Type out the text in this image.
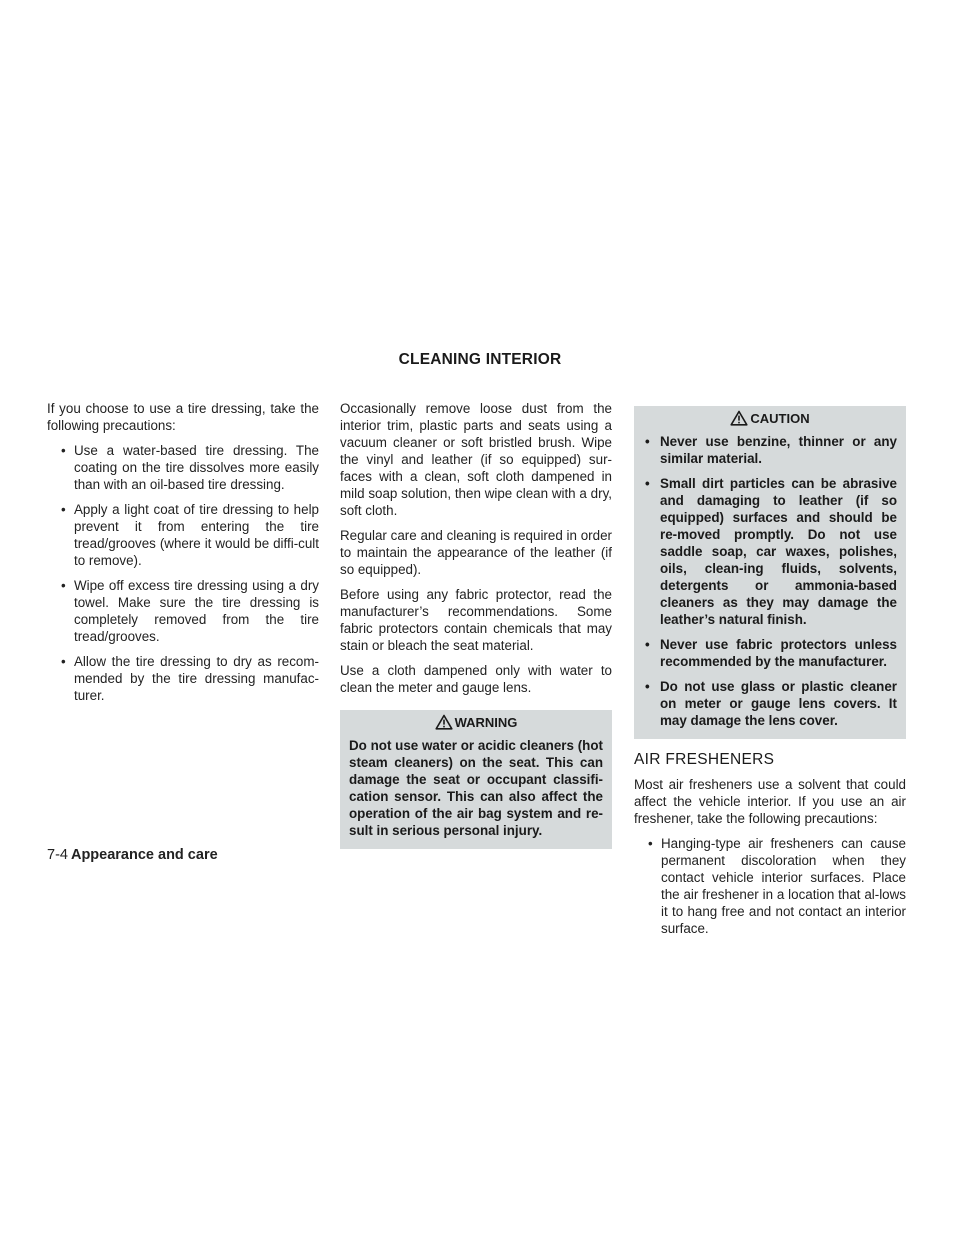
CLEANING INTERIOR

If you choose to use a tire dressing, take the following precautions:

• Use a water-based tire dressing. The coating on the tire dissolves more easily than with an oil-based tire dressing.
• Apply a light coat of tire dressing to help prevent it from entering the tire tread/grooves (where it would be diffi-cult to remove).
• Wipe off excess tire dressing using a dry towel. Make sure the tire dressing is completely removed from the tire tread/grooves.
• Allow the tire dressing to dry as recom-mended by the tire dressing manufac-turer.

Occasionally remove loose dust from the interior trim, plastic parts and seats using a vacuum cleaner or soft bristled brush. Wipe the vinyl and leather (if so equipped) sur-faces with a clean, soft cloth dampened in mild soap solution, then wipe clean with a dry, soft cloth.

Regular care and cleaning is required in order to maintain the appearance of the leather (if so equipped).

Before using any fabric protector, read the manufacturer’s recommendations. Some fabric protectors contain chemicals that may stain or bleach the seat material.

Use a cloth dampened only with water to clean the meter and gauge lens.

WARNING

Do not use water or acidic cleaners (hot steam cleaners) on the seat. This can damage the seat or occupant classifi-cation sensor. This can also affect the operation of the air bag system and re-sult in serious personal injury.

CAUTION
• Never use benzine, thinner or any similar material.
• Small dirt particles can be abrasive and damaging to leather (if so equipped) surfaces and should be re-moved promptly. Do not use saddle soap, car waxes, polishes, oils, clean-ing fluids, solvents, detergents or ammonia-based cleaners as they may damage the leather’s natural finish.
• Never use fabric protectors unless recommended by the manufacturer.
• Do not use glass or plastic cleaner on meter or gauge lens covers. It may damage the lens cover.
AIR FRESHENERS

Most air fresheners use a solvent that could affect the vehicle interior. If you use an air freshener, take the following precautions:

• Hanging-type air fresheners can cause permanent discoloration when they contact vehicle interior surfaces. Place the air freshener in a location that al-lows it to hang free and not contact an interior surface.
7-4 Appearance and care
